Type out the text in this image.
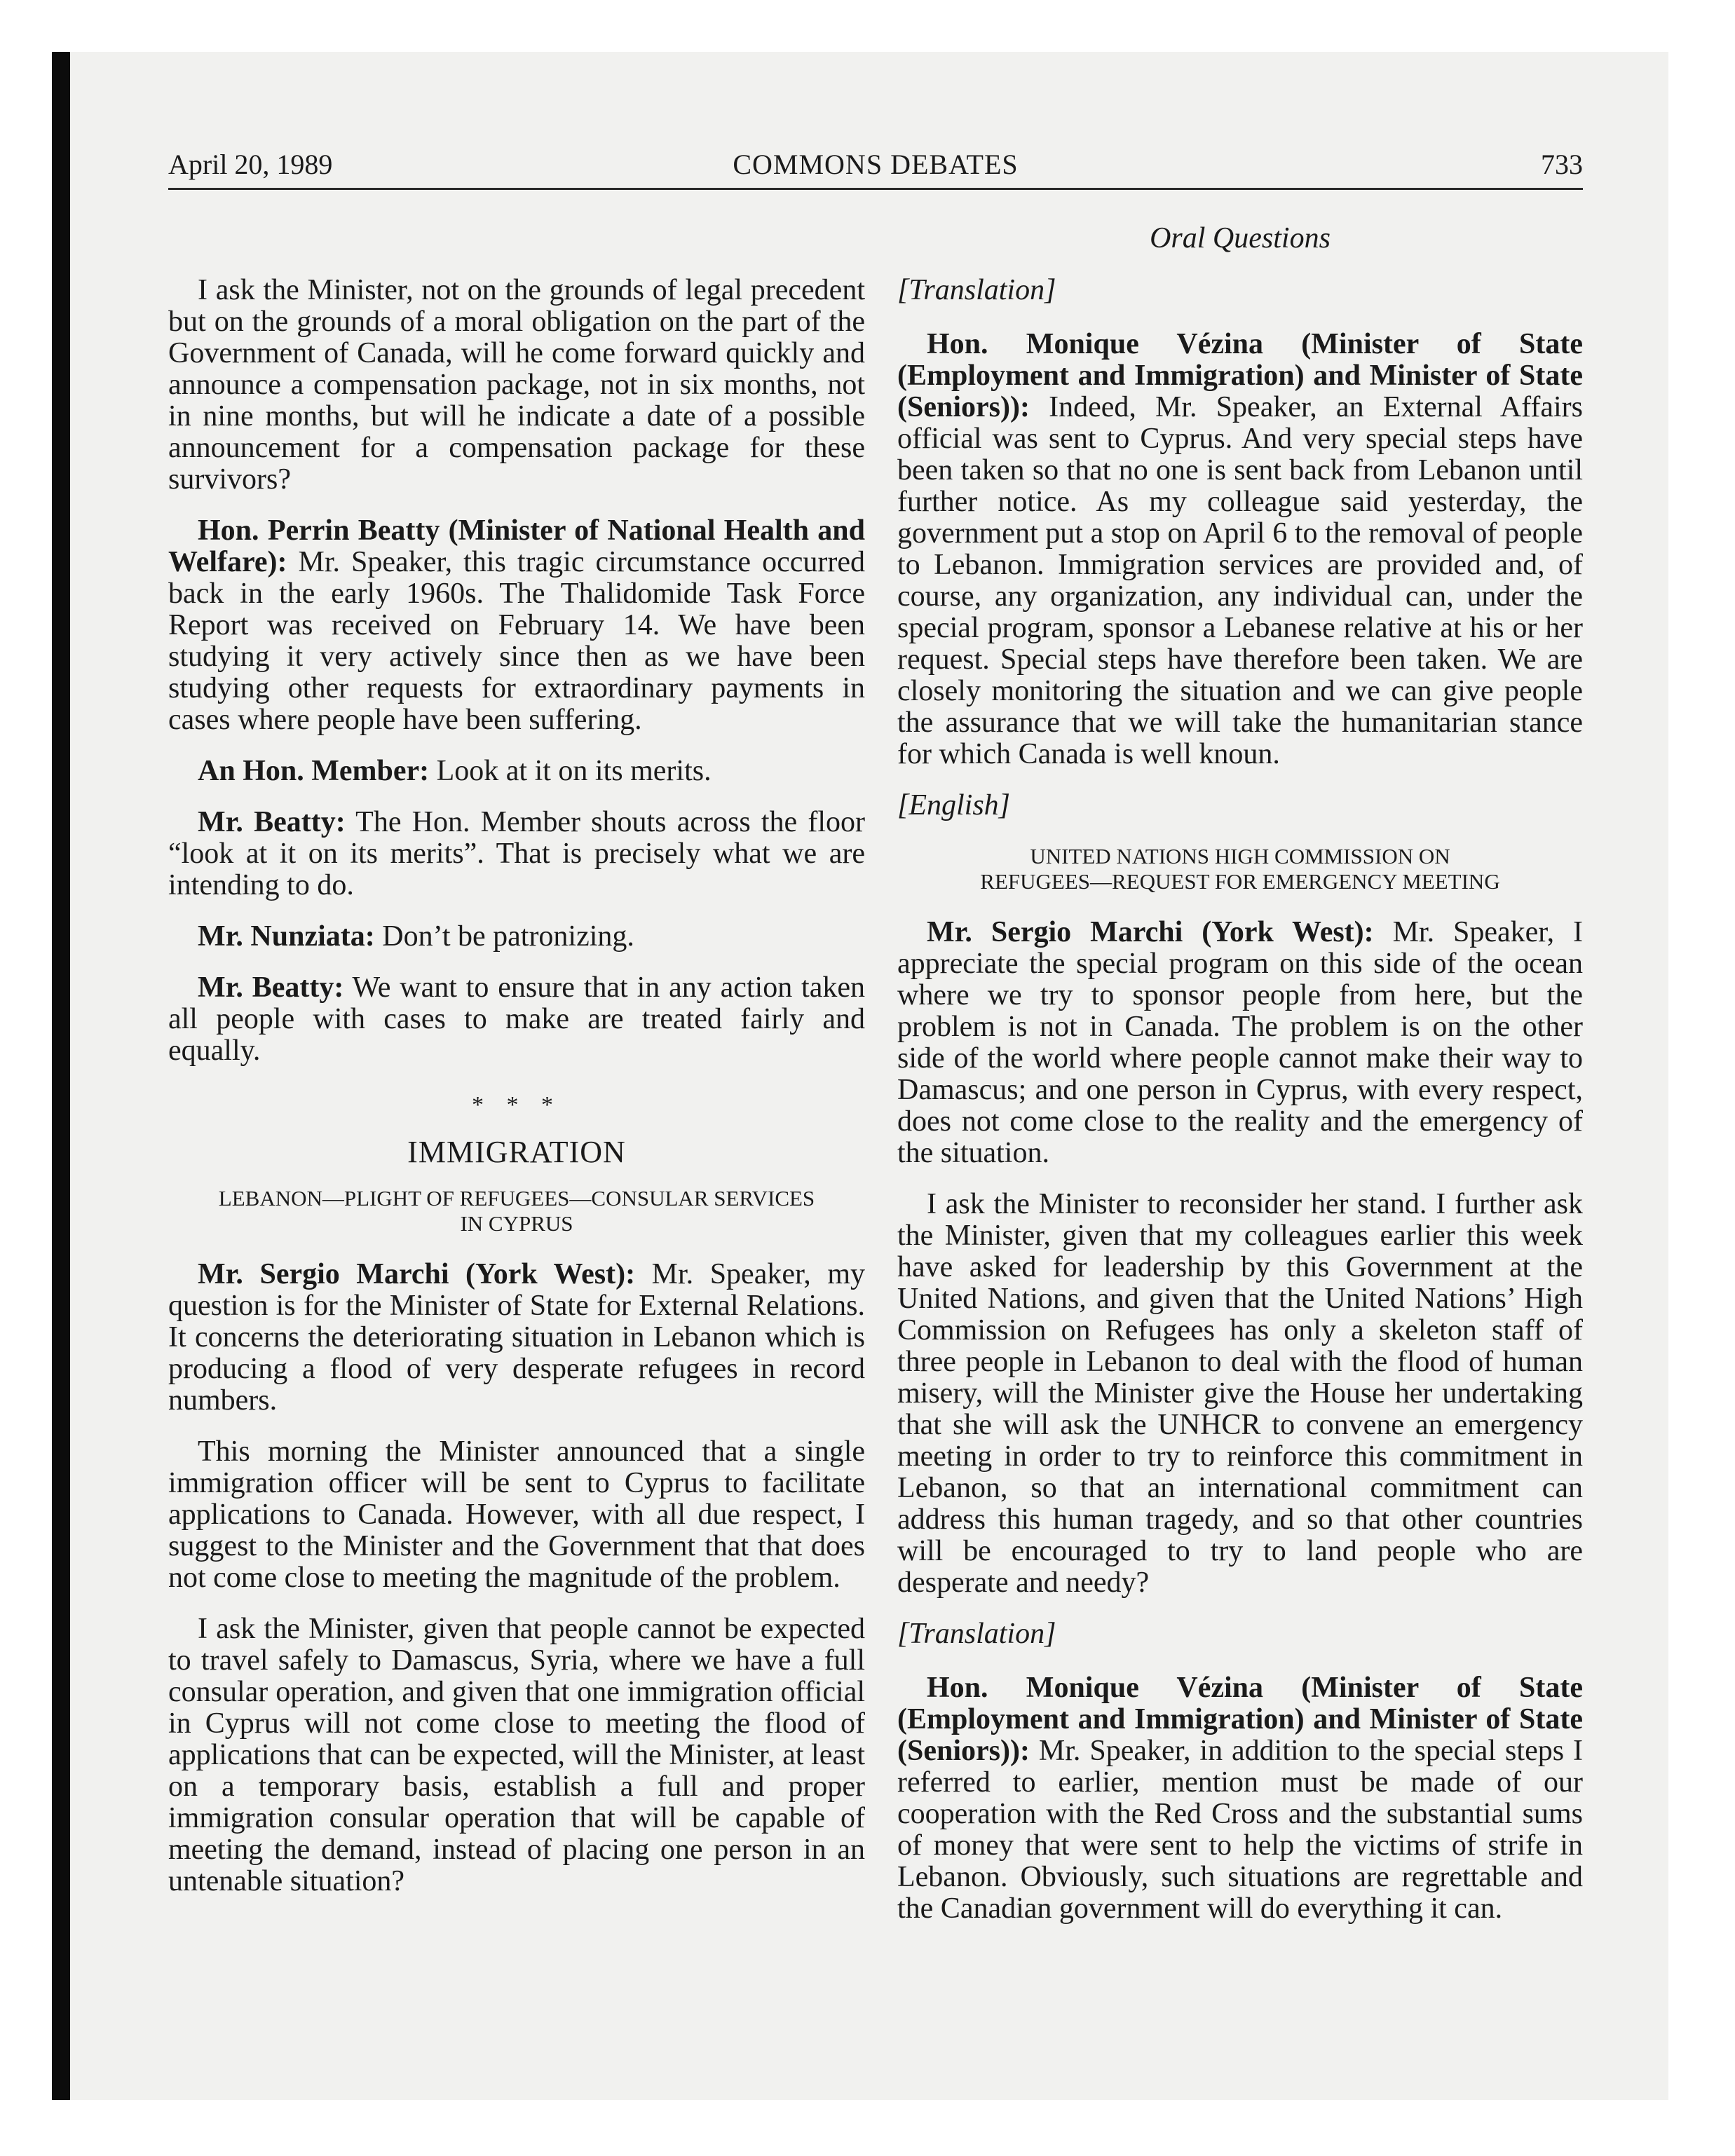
April 20, 1989	COMMONS DEBATES	733
Oral Questions

I ask the Minister, not on the grounds of legal precedent but on the grounds of a moral obligation on the part of the Government of Canada, will he come forward quickly and announce a compensation package, not in six months, not in nine months, but will he indicate a date of a possible announcement for a compensation package for these survivors?

Hon. Perrin Beatty (Minister of National Health and Welfare): Mr. Speaker, this tragic circumstance occurred back in the early 1960s. The Thalidomide Task Force Report was received on February 14. We have been studying it very actively since then as we have been studying other requests for extraordinary payments in cases where people have been suffering.

An Hon. Member: Look at it on its merits.

Mr. Beatty: The Hon. Member shouts across the floor “look at it on its merits”. That is precisely what we are intending to do.

Mr. Nunziata: Don’t be patronizing.

Mr. Beatty: We want to ensure that in any action taken all people with cases to make are treated fairly and equally.

* * *

IMMIGRATION

LEBANON—PLIGHT OF REFUGEES—CONSULAR SERVICES
IN CYPRUS

Mr. Sergio Marchi (York West): Mr. Speaker, my question is for the Minister of State for External Relations. It concerns the deteriorating situation in Lebanon which is producing a flood of very desperate refugees in record numbers.

This morning the Minister announced that a single immigration officer will be sent to Cyprus to facilitate applications to Canada. However, with all due respect, I suggest to the Minister and the Government that that does not come close to meeting the magnitude of the problem.

I ask the Minister, given that people cannot be expected to travel safely to Damascus, Syria, where we have a full consular operation, and given that one immigration official in Cyprus will not come close to meeting the flood of applications that can be expected, will the Minister, at least on a temporary basis, establish a full and proper immigration consular operation that will be capable of meeting the demand, instead of placing one person in an untenable situation?

[Translation]

Hon. Monique Vézina (Minister of State (Employment and Immigration) and Minister of State (Seniors)): Indeed, Mr. Speaker, an External Affairs official was sent to Cyprus. And very special steps have been taken so that no one is sent back from Lebanon until further notice. As my colleague said yesterday, the government put a stop on April 6 to the removal of people to Lebanon. Immigration services are provided and, of course, any organization, any individual can, under the special program, sponsor a Lebanese relative at his or her request. Special steps have therefore been taken. We are closely monitoring the situation and we can give people the assurance that we will take the humanitarian stance for which Canada is well knoun.

[English]

UNITED NATIONS HIGH COMMISSION ON
REFUGEES—REQUEST FOR EMERGENCY MEETING

Mr. Sergio Marchi (York West): Mr. Speaker, I appreciate the special program on this side of the ocean where we try to sponsor people from here, but the problem is not in Canada. The problem is on the other side of the world where people cannot make their way to Damascus; and one person in Cyprus, with every respect, does not come close to the reality and the emergency of the situation.

I ask the Minister to reconsider her stand. I further ask the Minister, given that my colleagues earlier this week have asked for leadership by this Government at the United Nations, and given that the United Nations’ High Commission on Refugees has only a skeleton staff of three people in Lebanon to deal with the flood of human misery, will the Minister give the House her undertaking that she will ask the UNHCR to convene an emergency meeting in order to try to reinforce this commitment in Lebanon, so that an international commitment can address this human tragedy, and so that other countries will be encouraged to try to land people who are desperate and needy?

[Translation]

Hon. Monique Vézina (Minister of State (Employment and Immigration) and Minister of State (Seniors)): Mr. Speaker, in addition to the special steps I referred to earlier, mention must be made of our cooperation with the Red Cross and the substantial sums of money that were sent to help the victims of strife in Lebanon. Obviously, such situations are regrettable and the Canadian government will do everything it can.
